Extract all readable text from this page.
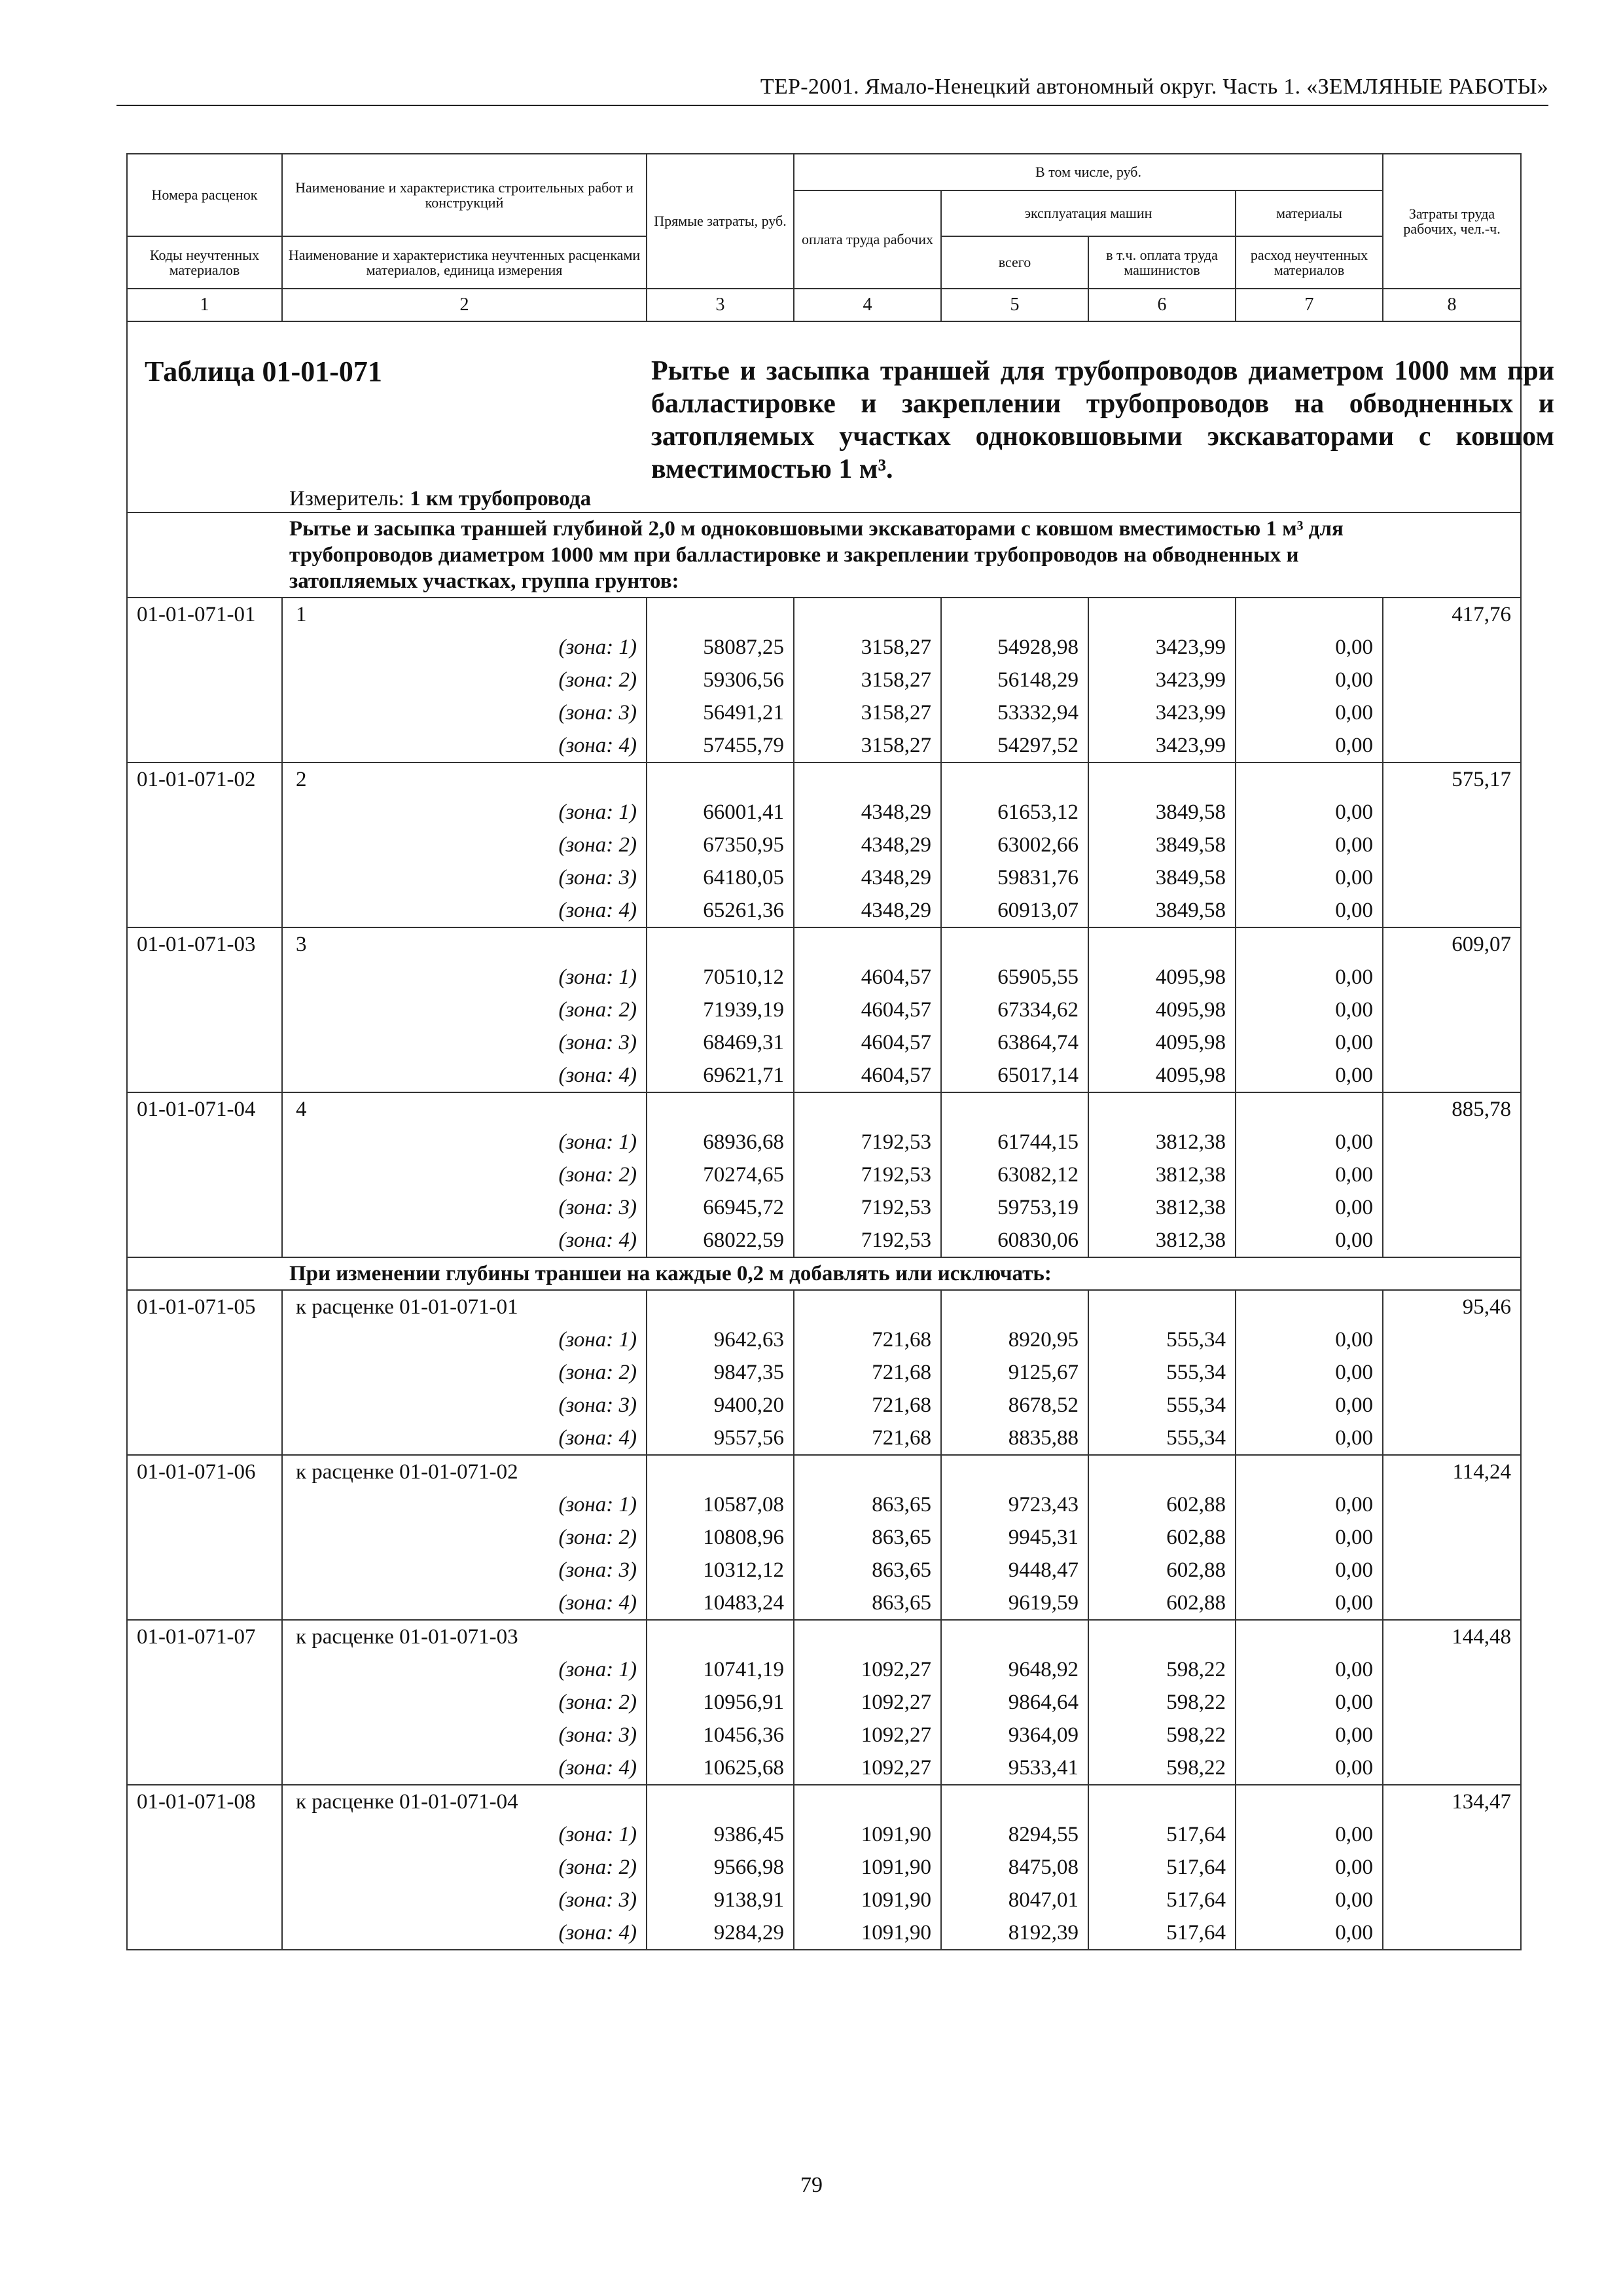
ТЕР-2001. Ямало-Ненецкий автономный округ. Часть 1. «ЗЕМЛЯНЫЕ РАБОТЫ»
Номера расценок	Наименование и характеристика строительных работ и конструкций	Прямые затраты, руб.	В том числе, руб.				Затраты труда рабочих, чел.-ч.
			оплата труда рабочих	эксплуатация машин		материалы	
Коды неучтенных материалов	Наименование и характеристика неучтенных расценками материалов, единица измерения			всего	в т.ч. оплата труда машинистов	расход неучтенных материалов	

1	2	3	4	5	6	7	8

Таблица 01-01-071 Рытье и засыпка траншей для трубопроводов диаметром 1000 мм при балластировке и закреплении трубопроводов на обводненных и затопляемых участках одноковшовыми экскаваторами с ковшом вместимостью 1 м³.							

Измеритель: 1 км трубопровода							
Рытье и засыпка траншей глубиной 2,0 м одноковшовыми экскаваторами с ковшом вместимостью 1 м³ для трубопроводов диаметром 1000 мм при балластировке и закреплении трубопроводов на обводненных и затопляемых участках, группа грунтов:							
01-01-071-01	1						417,76
	(зона: 1)	58087,25	3158,27	54928,98	3423,99	0,00	
	(зона: 2)	59306,56	3158,27	56148,29	3423,99	0,00	
	(зона: 3)	56491,21	3158,27	53332,94	3423,99	0,00	
	(зона: 4)	57455,79	3158,27	54297,52	3423,99	0,00	
01-01-071-02	2						575,17
	(зона: 1)	66001,41	4348,29	61653,12	3849,58	0,00	
	(зона: 2)	67350,95	4348,29	63002,66	3849,58	0,00	
	(зона: 3)	64180,05	4348,29	59831,76	3849,58	0,00	
	(зона: 4)	65261,36	4348,29	60913,07	3849,58	0,00	
01-01-071-03	3						609,07
	(зона: 1)	70510,12	4604,57	65905,55	4095,98	0,00	
	(зона: 2)	71939,19	4604,57	67334,62	4095,98	0,00	
	(зона: 3)	68469,31	4604,57	63864,74	4095,98	0,00	
	(зона: 4)	69621,71	4604,57	65017,14	4095,98	0,00	
01-01-071-04	4						885,78
	(зона: 1)	68936,68	7192,53	61744,15	3812,38	0,00	
	(зона: 2)	70274,65	7192,53	63082,12	3812,38	0,00	
	(зона: 3)	66945,72	7192,53	59753,19	3812,38	0,00	
	(зона: 4)	68022,59	7192,53	60830,06	3812,38	0,00	
При изменении глубины траншеи на каждые 0,2 м добавлять или исключать:							
01-01-071-05	к расценке 01-01-071-01						95,46
	(зона: 1)	9642,63	721,68	8920,95	555,34	0,00	
	(зона: 2)	9847,35	721,68	9125,67	555,34	0,00	
	(зона: 3)	9400,20	721,68	8678,52	555,34	0,00	
	(зона: 4)	9557,56	721,68	8835,88	555,34	0,00	
01-01-071-06	к расценке 01-01-071-02						114,24
	(зона: 1)	10587,08	863,65	9723,43	602,88	0,00	
	(зона: 2)	10808,96	863,65	9945,31	602,88	0,00	
	(зона: 3)	10312,12	863,65	9448,47	602,88	0,00	
	(зона: 4)	10483,24	863,65	9619,59	602,88	0,00	
01-01-071-07	к расценке 01-01-071-03						144,48
	(зона: 1)	10741,19	1092,27	9648,92	598,22	0,00	
	(зона: 2)	10956,91	1092,27	9864,64	598,22	0,00	
	(зона: 3)	10456,36	1092,27	9364,09	598,22	0,00	
	(зона: 4)	10625,68	1092,27	9533,41	598,22	0,00	
01-01-071-08	к расценке 01-01-071-04						134,47
	(зона: 1)	9386,45	1091,90	8294,55	517,64	0,00	
	(зона: 2)	9566,98	1091,90	8475,08	517,64	0,00	
	(зона: 3)	9138,91	1091,90	8047,01	517,64	0,00	
	(зона: 4)	9284,29	1091,90	8192,39	517,64	0,00	
79
